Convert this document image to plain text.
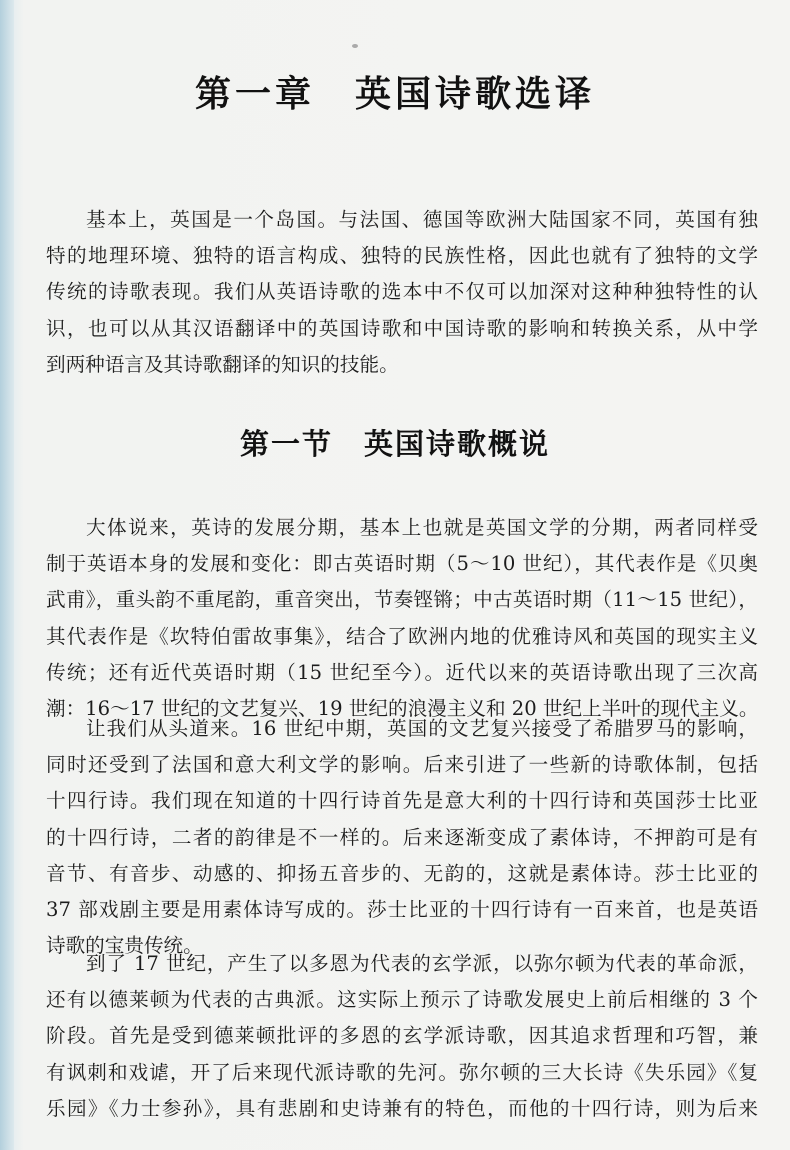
第一章　英国诗歌选译
基本上，英国是一个岛国。与法国、德国等欧洲大陆国家不同，英国有独
特的地理环境、独特的语言构成、独特的民族性格，因此也就有了独特的文学
传统的诗歌表现。我们从英语诗歌的选本中不仅可以加深对这种种独特性的认
识，也可以从其汉语翻译中的英国诗歌和中国诗歌的影响和转换关系，从中学
到两种语言及其诗歌翻译的知识的技能。
第一节　英国诗歌概说
大体说来，英诗的发展分期，基本上也就是英国文学的分期，两者同样受
制于英语本身的发展和变化：即古英语时期（5～10 世纪），其代表作是《贝奥
武甫》，重头韵不重尾韵，重音突出，节奏铿锵；中古英语时期（11～15 世纪），
其代表作是《坎特伯雷故事集》，结合了欧洲内地的优雅诗风和英国的现实主义
传统；还有近代英语时期（15 世纪至今）。近代以来的英语诗歌出现了三次高
潮：16～17 世纪的文艺复兴、19 世纪的浪漫主义和 20 世纪上半叶的现代主义。
让我们从头道来。16 世纪中期，英国的文艺复兴接受了希腊罗马的影响，
同时还受到了法国和意大利文学的影响。后来引进了一些新的诗歌体制，包括
十四行诗。我们现在知道的十四行诗首先是意大利的十四行诗和英国莎士比亚
的十四行诗，二者的韵律是不一样的。后来逐渐变成了素体诗，不押韵可是有
音节、有音步、动感的、抑扬五音步的、无韵的，这就是素体诗。莎士比亚的
37 部戏剧主要是用素体诗写成的。莎士比亚的十四行诗有一百来首，也是英语
诗歌的宝贵传统。
到了 17 世纪，产生了以多恩为代表的玄学派，以弥尔顿为代表的革命派，
还有以德莱顿为代表的古典派。这实际上预示了诗歌发展史上前后相继的 3 个
阶段。首先是受到德莱顿批评的多恩的玄学派诗歌，因其追求哲理和巧智，兼
有讽刺和戏谑，开了后来现代派诗歌的先河。弥尔顿的三大长诗《失乐园》《复
乐园》《力士参孙》，具有悲剧和史诗兼有的特色，而他的十四行诗，则为后来
